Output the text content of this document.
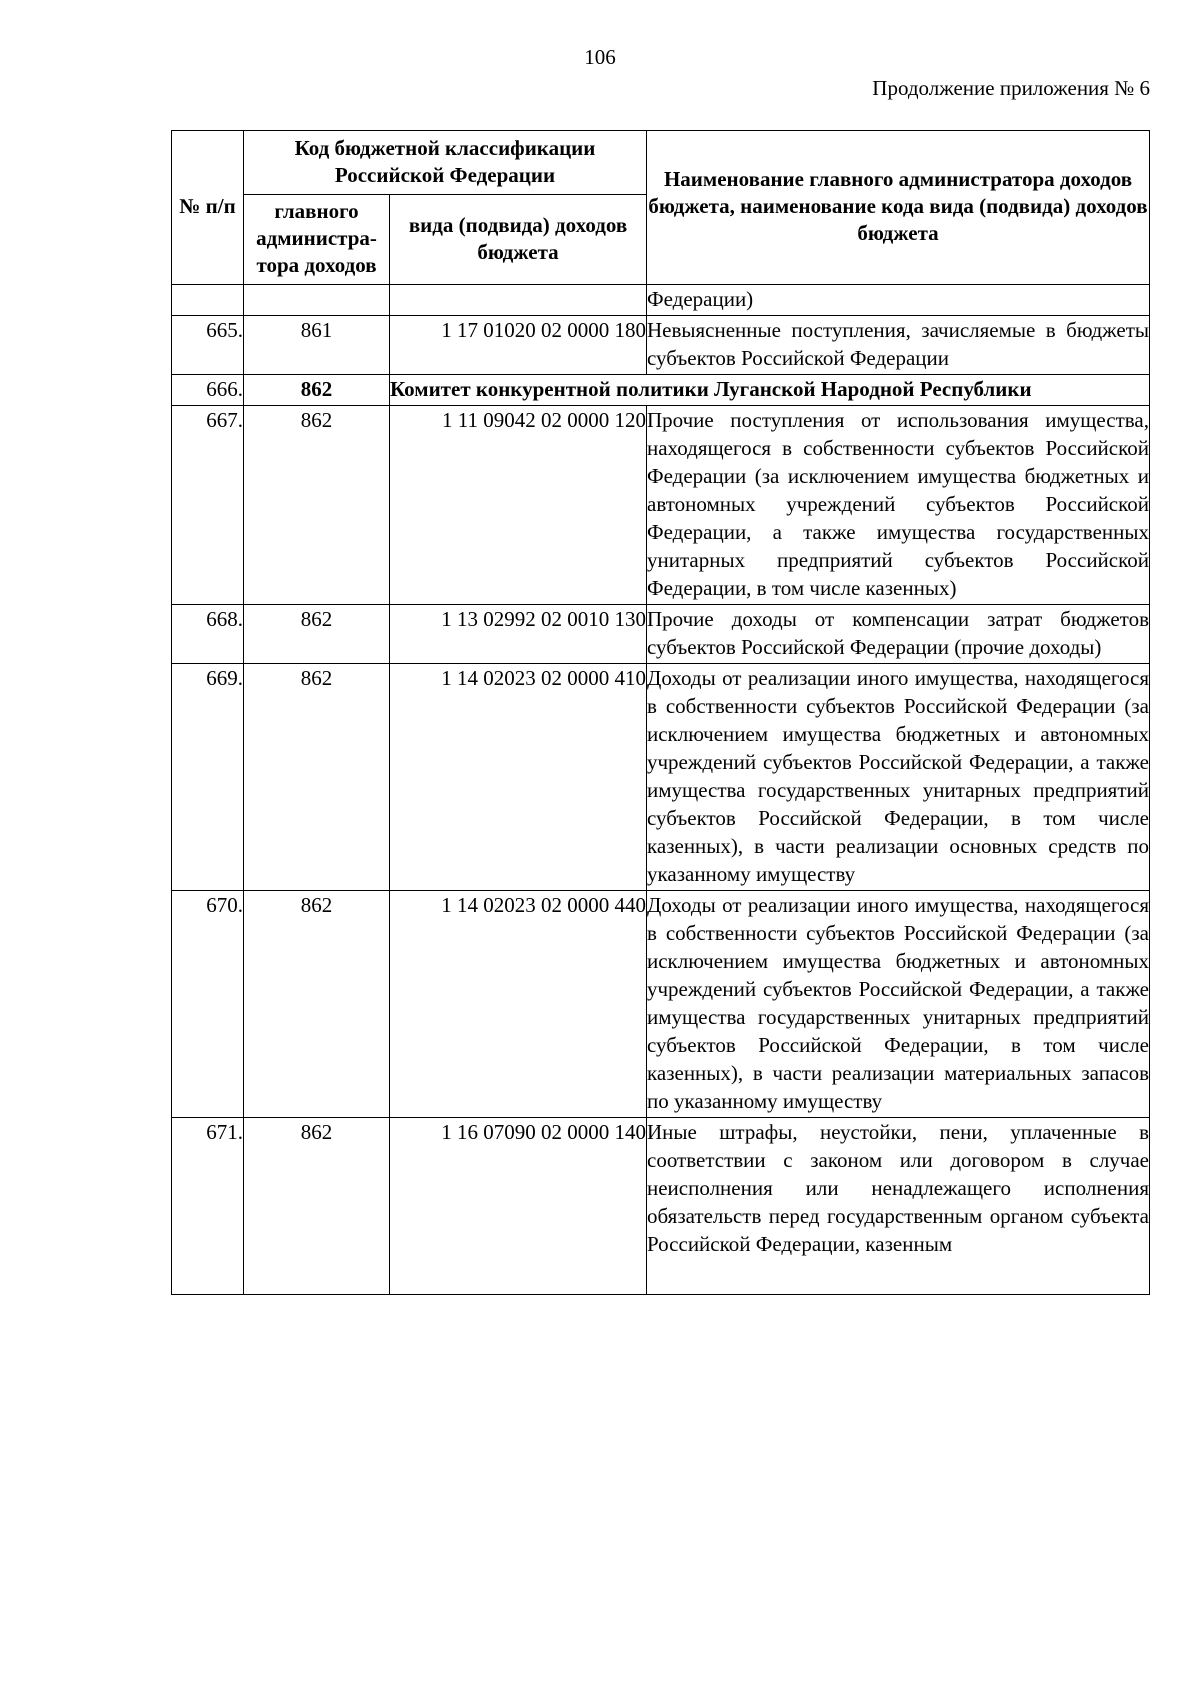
106
Продолжение приложения № 6
№ п/п	Код бюджетной классификации Российской Федерации		Наименование главного администратора доходов бюджета, наименование кода вида (подвида) доходов бюджета
	главного администра-тора доходов	вида (подвида) доходов бюджета	
			Федерации)
665.	861	1 17 01020 02 0000 180	Невыясненные поступления, зачисляемые в бюджеты субъектов Российской Федерации
666.	862	Комитет конкурентной политики Луганской Народной Республики	
667.	862	1 11 09042 02 0000 120	Прочие поступления от использования имущества, находящегося в собственности субъектов Российской Федерации (за исключением имущества бюджетных и автономных учреждений субъектов Российской Федерации, а также имущества государственных унитарных предприятий субъектов Российской Федерации, в том числе казенных)
668.	862	1 13 02992 02 0010 130	Прочие доходы от компенсации затрат бюджетов субъектов Российской Федерации (прочие доходы)
669.	862	1 14 02023 02 0000 410	Доходы от реализации иного имущества, находящегося в собственности субъектов Российской Федерации (за исключением имущества бюджетных и автономных учреждений субъектов Российской Федерации, а также имущества государственных унитарных предприятий субъектов Российской Федерации, в том числе казенных), в части реализации основных средств по указанному имуществу
670.	862	1 14 02023 02 0000 440	Доходы от реализации иного имущества, находящегося в собственности субъектов Российской Федерации (за исключением имущества бюджетных и автономных учреждений субъектов Российской Федерации, а также имущества государственных унитарных предприятий субъектов Российской Федерации, в том числе казенных), в части реализации материальных запасов по указанному имуществу
671.	862	1 16 07090 02 0000 140	Иные штрафы, неустойки, пени, уплаченные в соответствии с законом или договором в случае неисполнения или ненадлежащего исполнения обязательств перед государственным органом субъекта Российской Федерации, казенным
